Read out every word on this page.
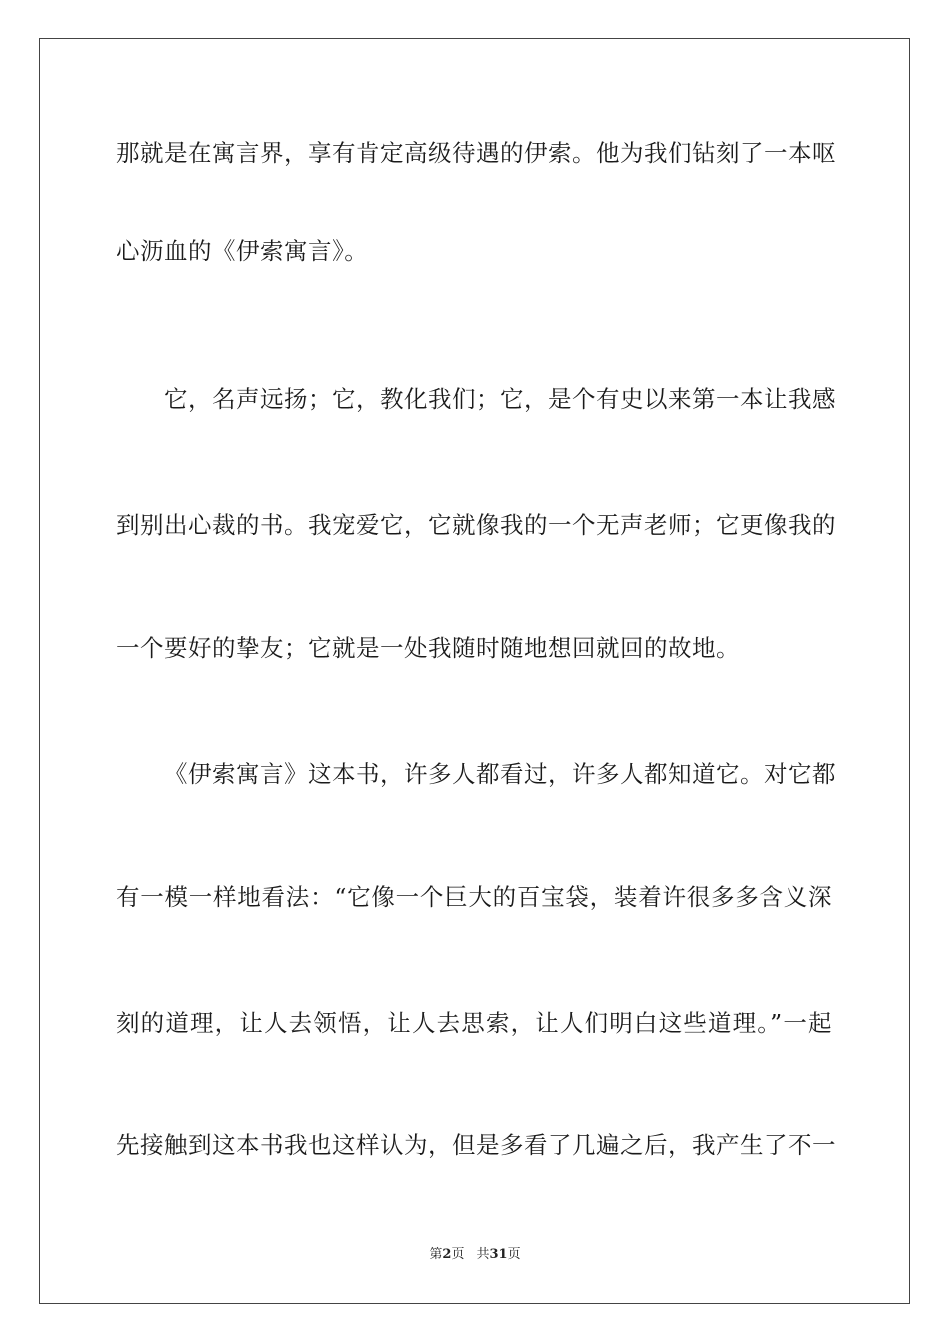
那就是在寓言界，享有肯定高级待遇的伊索。他为我们钻刻了一本呕
心沥血的《伊索寓言》。
它，名声远扬；它，教化我们；它，是个有史以来第一本让我感
到别出心裁的书。我宠爱它，它就像我的一个无声老师；它更像我的
一个要好的挚友；它就是一处我随时随地想回就回的故地。
《伊索寓言》这本书，许多人都看过，许多人都知道它。对它都
有一模一样地看法：“它像一个巨大的百宝袋，装着许很多多含义深
刻的道理，让人去领悟，让人去思索，让人们明白这些道理。”一起
先接触到这本书我也这样认为，但是多看了几遍之后，我产生了不一
第2页 共31页
